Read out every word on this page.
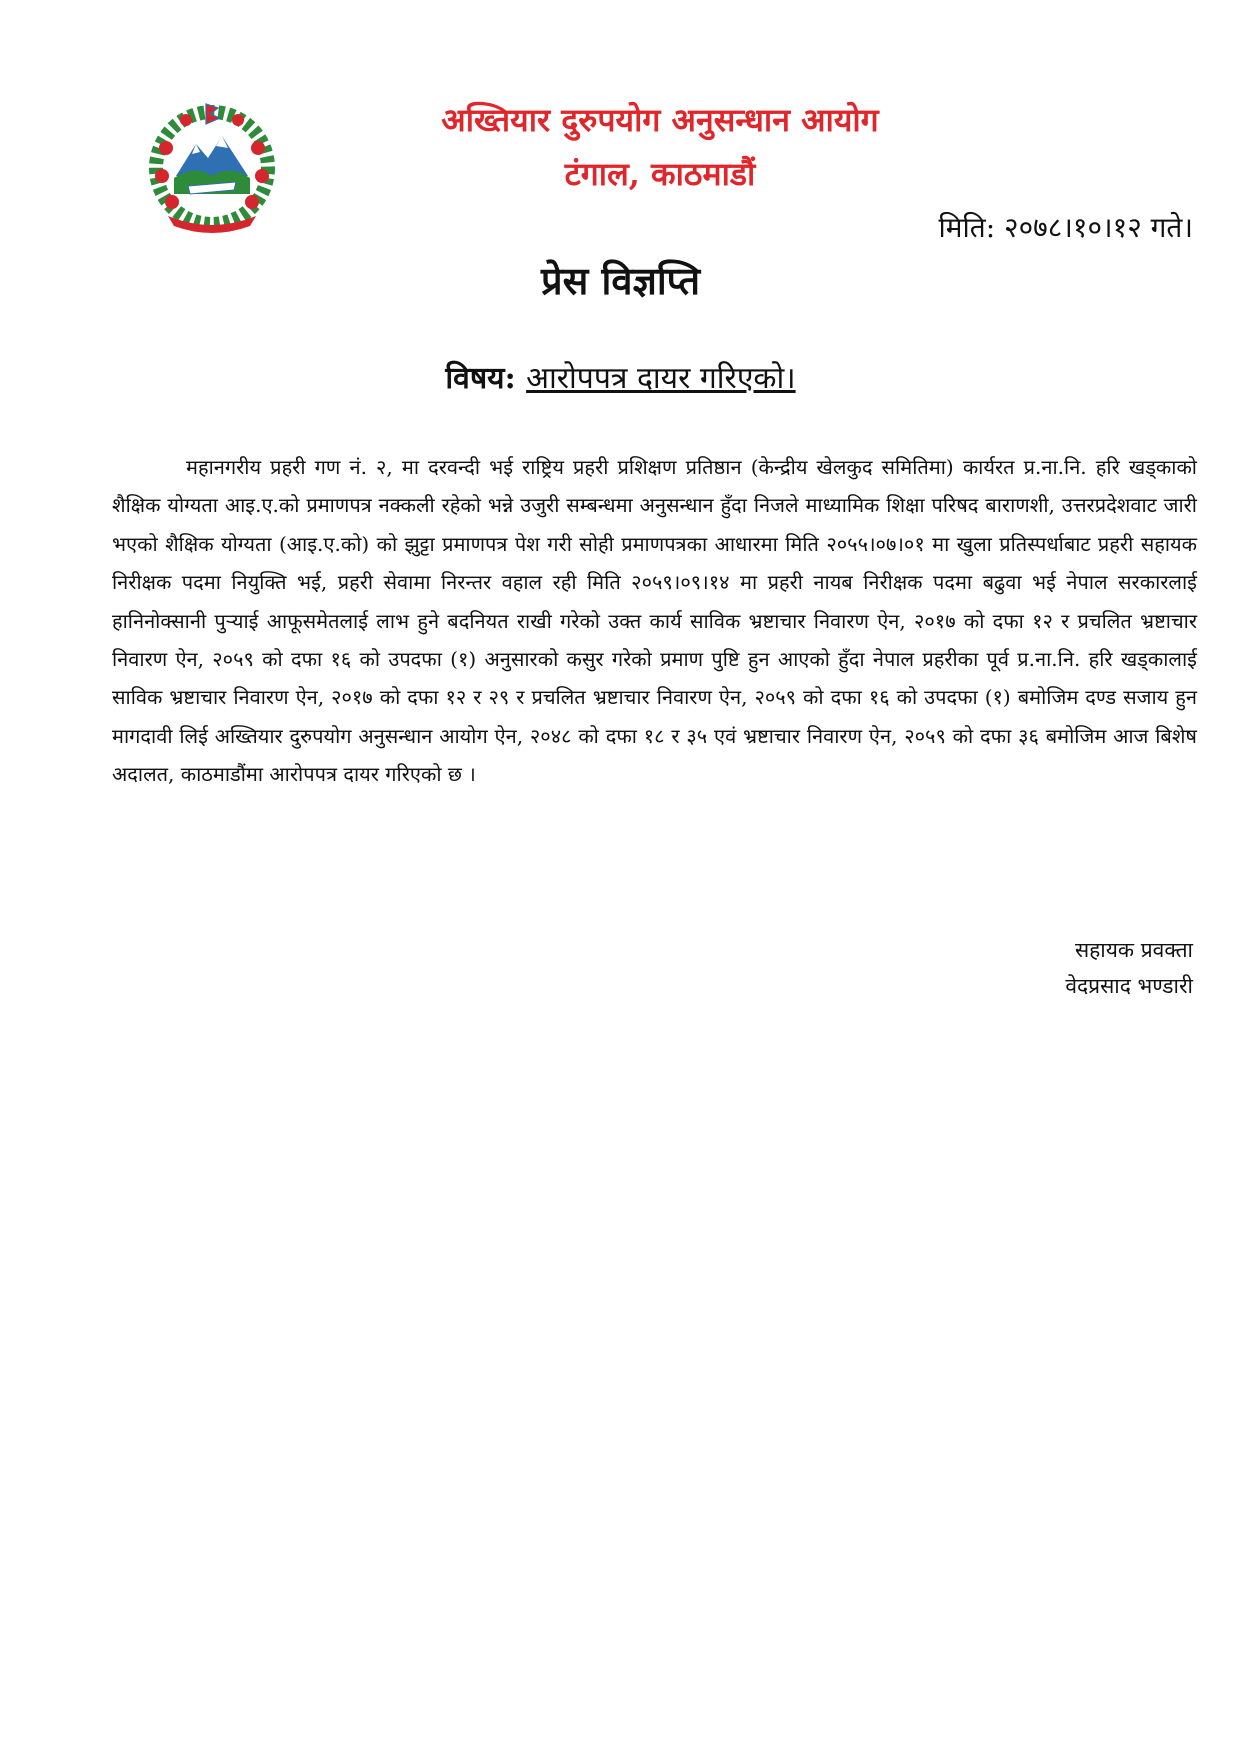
अख्तियार दुरुपयोग अनुसन्धान आयोग
टंगाल, काठमाडौं
मिति: २०७८।१०।१२ गते।
प्रेस विज्ञप्ति
विषय: आरोपपत्र दायर गरिएको।

महानगरीय प्रहरी गण नं. २, मा दरवन्दी भई राष्ट्रिय प्रहरी प्रशिक्षण प्रतिष्ठान (केन्द्रीय खेलकुद समितिमा) कार्यरत प्र.ना.नि. हरि खड्काको शैक्षिक योग्यता आइ.ए.को प्रमाणपत्र नक्कली रहेको भन्ने उजुरी सम्बन्धमा अनुसन्धान हुँदा निजले माध्यामिक शिक्षा परिषद बाराणशी, उत्तरप्रदेशवाट जारी भएको शैक्षिक योग्यता (आइ.ए.को) को झुट्टा प्रमाणपत्र पेश गरी सोही प्रमाणपत्रका आधारमा मिति २०५५।०७।०१ मा खुला प्रतिस्पर्धाबाट प्रहरी सहायक निरीक्षक पदमा नियुक्ति भई, प्रहरी सेवामा निरन्तर वहाल रही मिति २०५९।०९।१४ मा प्रहरी नायब निरीक्षक पदमा बढुवा भई नेपाल सरकारलाई हानिनोक्सानी पुऱ्याई आफूसमेतलाई लाभ हुने बदनियत राखी गरेको उक्त कार्य साविक भ्रष्टाचार निवारण ऐन, २०१७ को दफा १२ र प्रचलित भ्रष्टाचार निवारण ऐन, २०५९ को दफा १६ को उपदफा (१) अनुसारको कसुर गरेको प्रमाण पुष्टि हुन आएको हुँदा नेपाल प्रहरीका पूर्व प्र.ना.नि. हरि खड्कालाई साविक भ्रष्टाचार निवारण ऐन, २०१७ को दफा १२ र २९ र प्रचलित भ्रष्टाचार निवारण ऐन, २०५९ को दफा १६ को उपदफा (१) बमोजिम दण्ड सजाय हुन मागदावी लिई अख्तियार दुरुपयोग अनुसन्धान आयोग ऐन, २०४८ को दफा १८ र ३५ एवं भ्रष्टाचार निवारण ऐन, २०५९ को दफा ३६ बमोजिम आज बिशेष अदालत, काठमाडौंमा आरोपपत्र दायर गरिएको छ ।

सहायक प्रवक्ता
वेदप्रसाद भण्डारी
